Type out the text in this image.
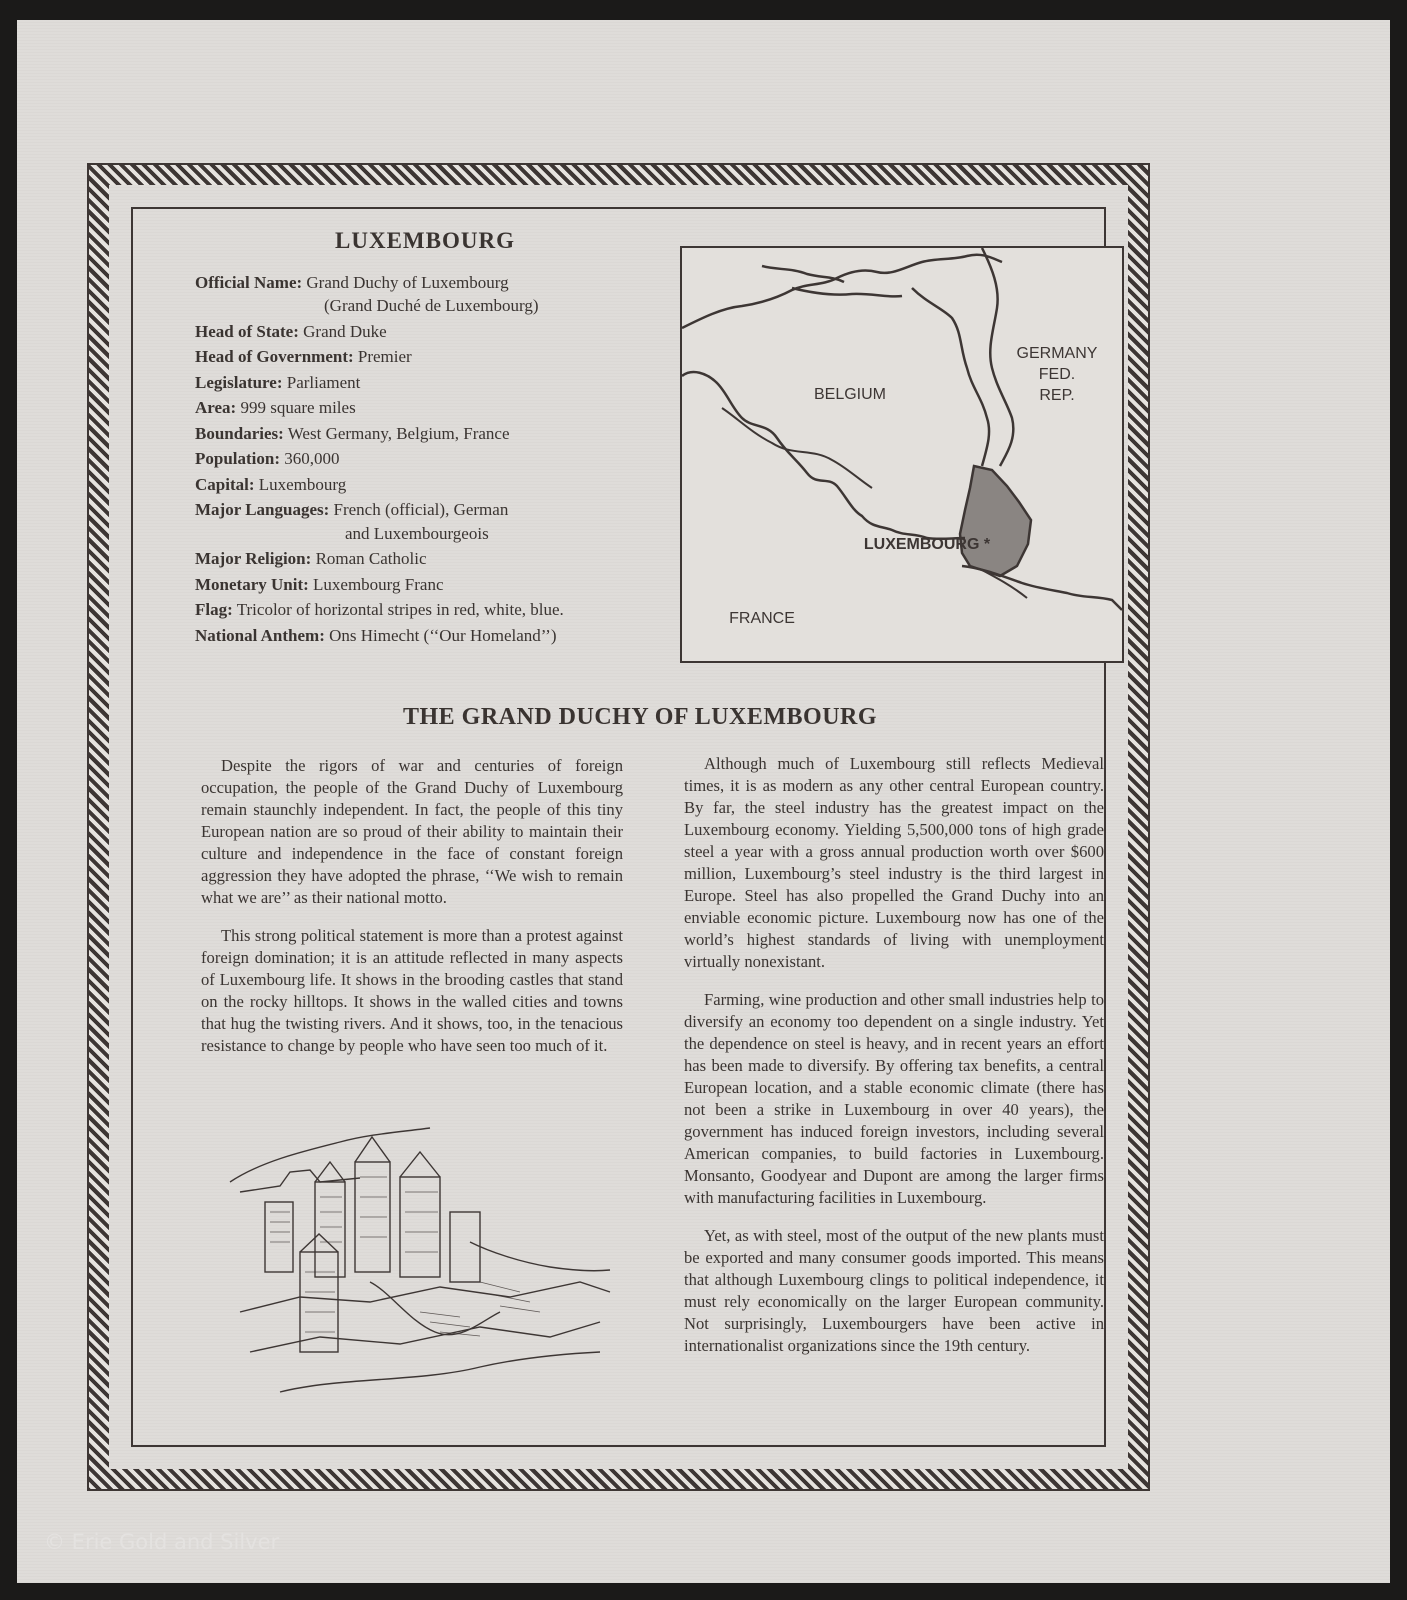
LUXEMBOURG
Official Name: Grand Duchy of Luxembourg
(Grand Duché de Luxembourg)
Head of State: Grand Duke
Head of Government: Premier
Legislature: Parliament
Area: 999 square miles
Boundaries: West Germany, Belgium, France
Population: 360,000
Capital: Luxembourg
Major Languages: French (official), German
and Luxembourgeois
Major Religion: Roman Catholic
Monetary Unit: Luxembourg Franc
Flag: Tricolor of horizontal stripes in red, white, blue.
National Anthem: Ons Himecht (‘‘Our Homeland’’)
GERMANY
FED.
REP.
BELGIUM
LUXEMBOURG *
FRANCE
THE GRAND DUCHY OF LUXEMBOURG

Despite the rigors of war and centuries of foreign occupation, the people of the Grand Duchy of Luxembourg remain staunchly independent. In fact, the people of this tiny European nation are so proud of their ability to maintain their culture and independence in the face of constant foreign aggression they have adopted the phrase, ‘‘We wish to remain what we are’’ as their national motto.

This strong political statement is more than a protest against foreign domination; it is an attitude reflected in many aspects of Luxembourg life. It shows in the brooding castles that stand on the rocky hilltops. It shows in the walled cities and towns that hug the twisting rivers. And it shows, too, in the tenacious resistance to change by people who have seen too much of it.

Although much of Luxembourg still reflects Medieval times, it is as modern as any other central European country. By far, the steel industry has the greatest impact on the Luxembourg economy. Yielding 5,500,000 tons of high grade steel a year with a gross annual production worth over $600 million, Luxembourg’s steel industry is the third largest in Europe. Steel has also propelled the Grand Duchy into an enviable economic picture. Luxembourg now has one of the world’s highest standards of living with unemployment virtually nonexistant.

Farming, wine production and other small industries help to diversify an economy too dependent on a single industry. Yet the dependence on steel is heavy, and in recent years an effort has been made to diversify. By offering tax benefits, a central European location, and a stable economic climate (there has not been a strike in Luxembourg in over 40 years), the government has induced foreign investors, including several American companies, to build factories in Luxembourg. Monsanto, Goodyear and Dupont are among the larger firms with manufacturing facilities in Luxembourg.

Yet, as with steel, most of the output of the new plants must be exported and many consumer goods imported. This means that although Luxembourg clings to political independence, it must rely economically on the larger European community. Not surprisingly, Luxembourgers have been active in internationalist organizations since the 19th century.

© Erie Gold and Silver
